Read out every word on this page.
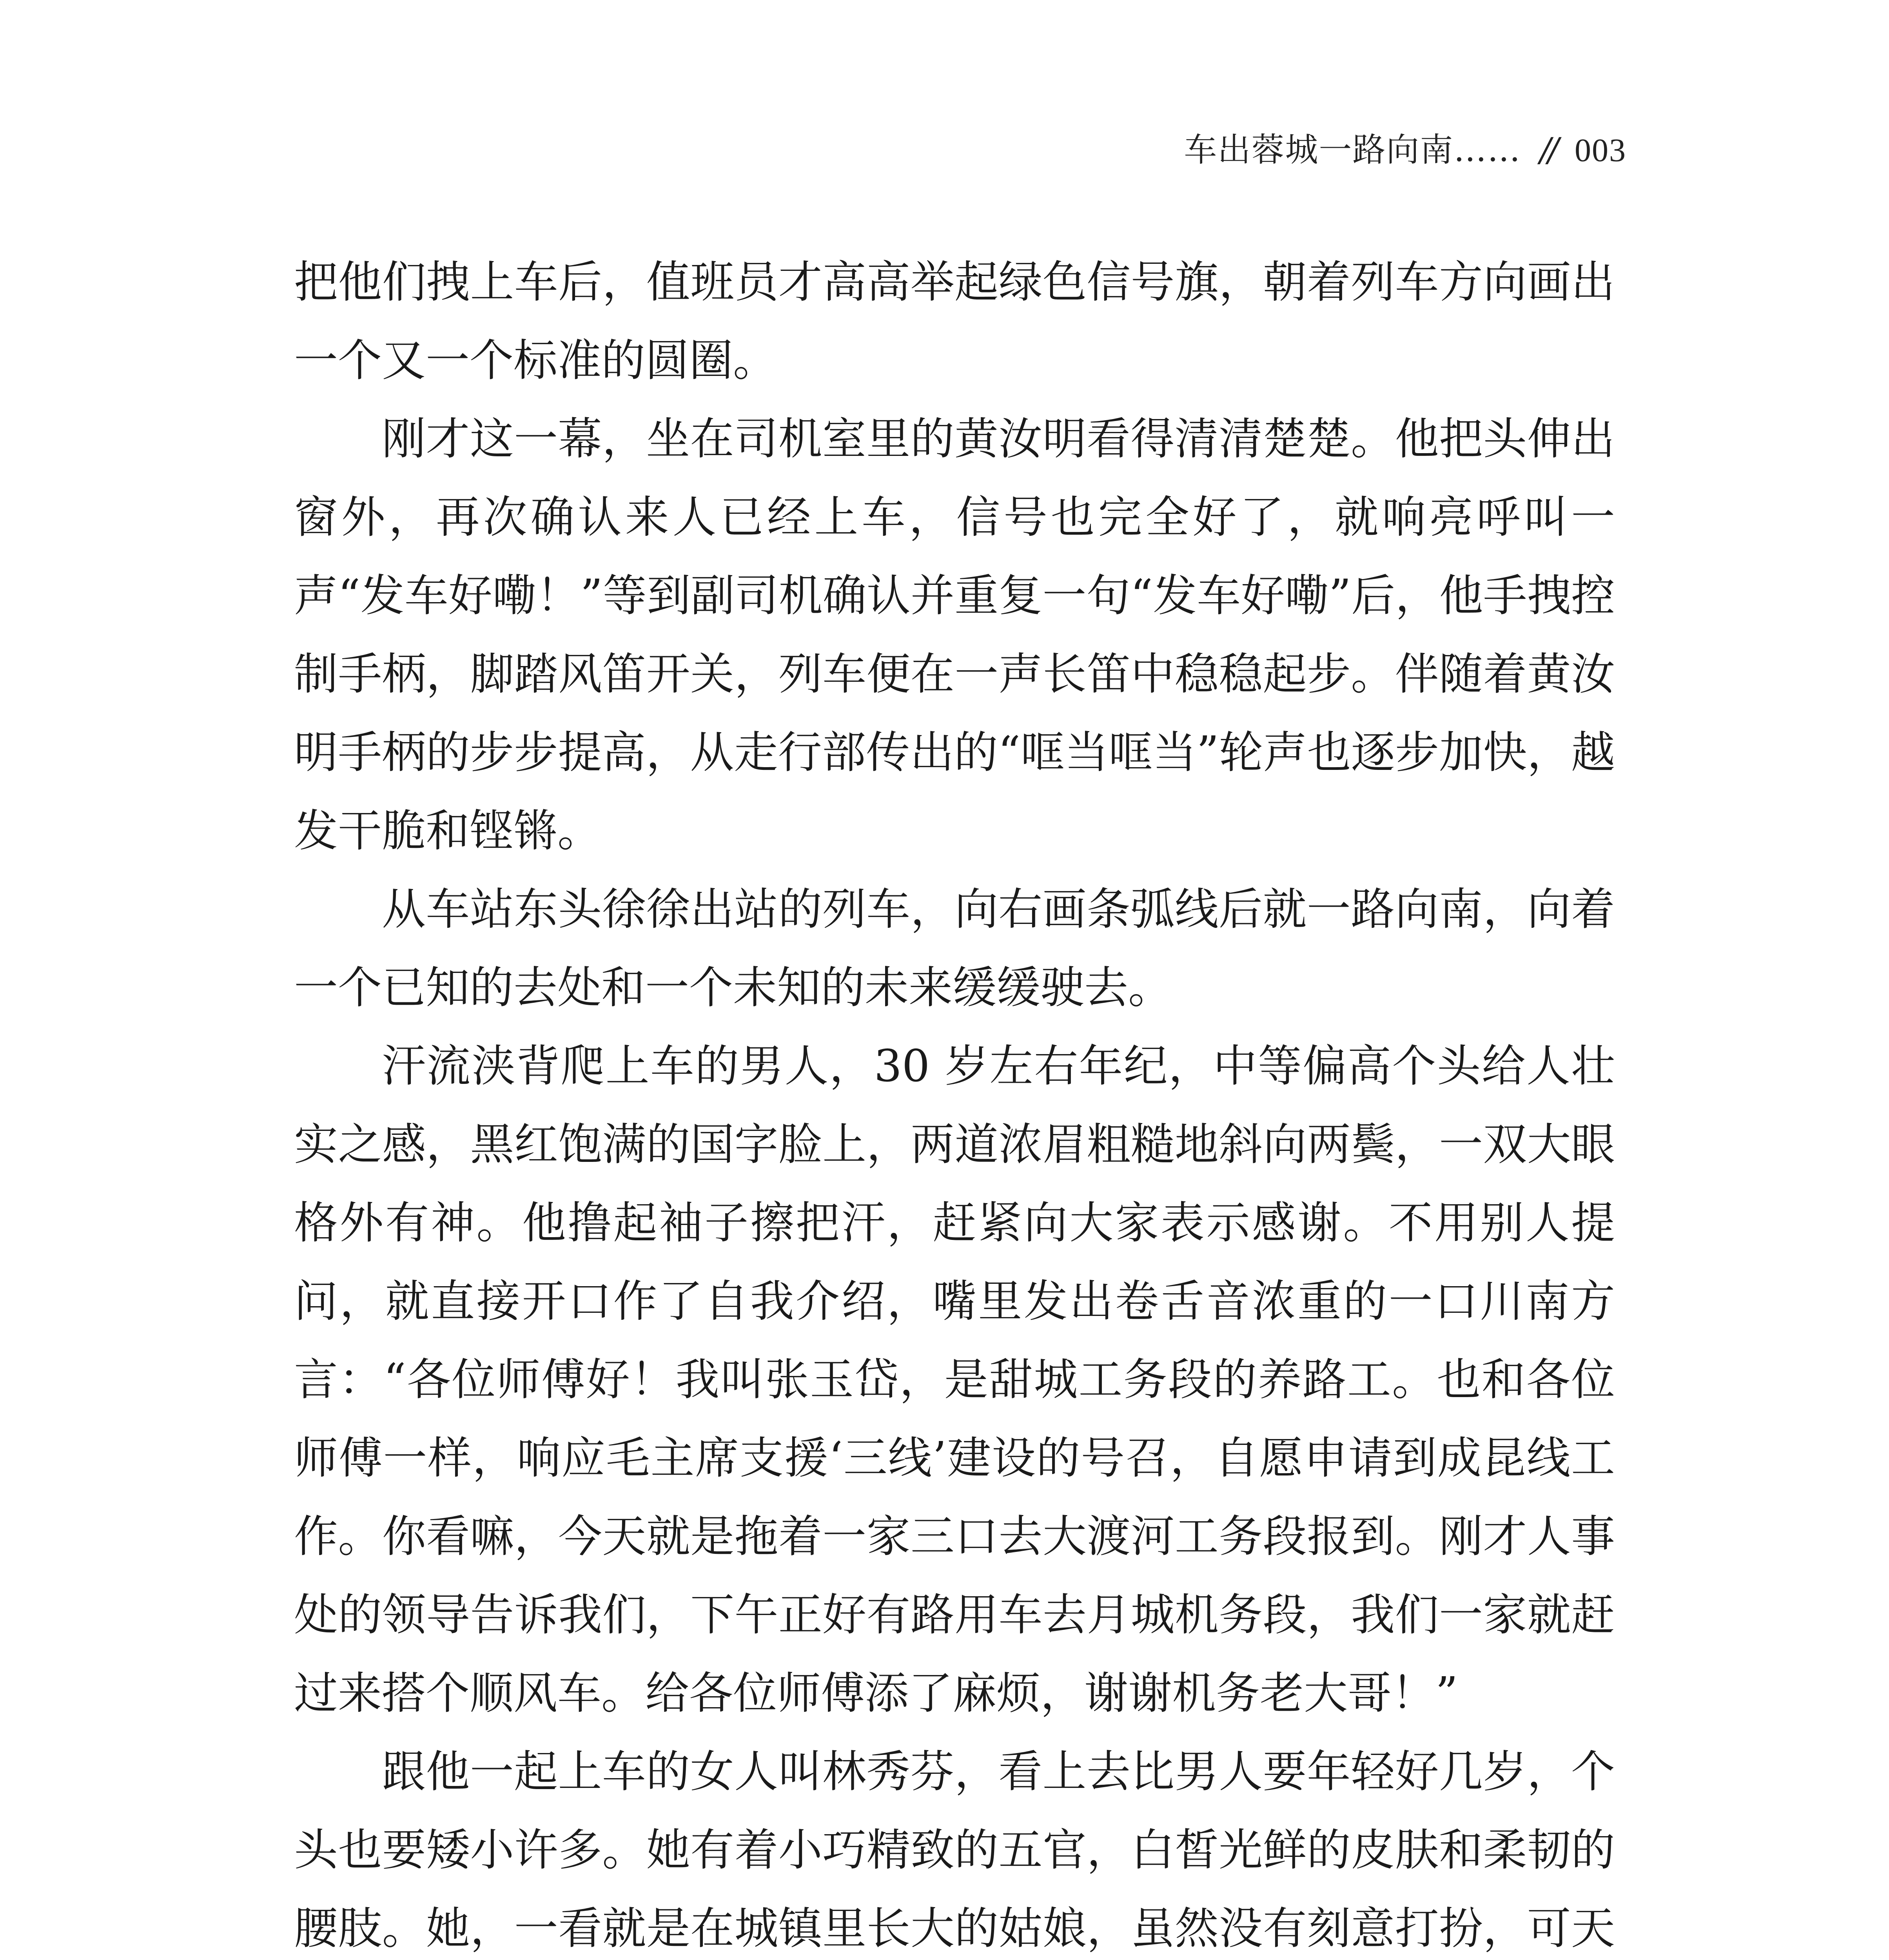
车出蓉城一路向南…… // 003

把他们拽上车后，值班员才高高举起绿色信号旗，朝着列车方向画出一个又一个标准的圆圈。

刚才这一幕，坐在司机室里的黄汝明看得清清楚楚。他把头伸出窗外，再次确认来人已经上车，信号也完全好了，就响亮呼叫一声“发车好嘞！”等到副司机确认并重复一句“发车好嘞”后，他手拽控制手柄，脚踏风笛开关，列车便在一声长笛中稳稳起步。伴随着黄汝明手柄的步步提高，从走行部传出的“哐当哐当”轮声也逐步加快，越发干脆和铿锵。

从车站东头徐徐出站的列车，向右画条弧线后就一路向南，向着一个已知的去处和一个未知的未来缓缓驶去。

汗流浃背爬上车的男人，30 岁左右年纪，中等偏高个头给人壮实之感，黑红饱满的国字脸上，两道浓眉粗糙地斜向两鬓，一双大眼格外有神。他撸起袖子擦把汗，赶紧向大家表示感谢。不用别人提问，就直接开口作了自我介绍，嘴里发出卷舌音浓重的一口川南方言：“各位师傅好！我叫张玉岱，是甜城工务段的养路工。也和各位师傅一样，响应毛主席支援‘三线’建设的号召，自愿申请到成昆线工作。你看嘛，今天就是拖着一家三口去大渡河工务段报到。刚才人事处的领导告诉我们，下午正好有路用车去月城机务段，我们一家就赶过来搭个顺风车。给各位师傅添了麻烦，谢谢机务老大哥！”

跟他一起上车的女人叫林秀芬，看上去比男人要年轻好几岁，个头也要矮小许多。她有着小巧精致的五官，白皙光鲜的皮肤和柔韧的腰肢。她，一看就是在城镇里长大的姑娘，虽然没有刻意打扮，可天
